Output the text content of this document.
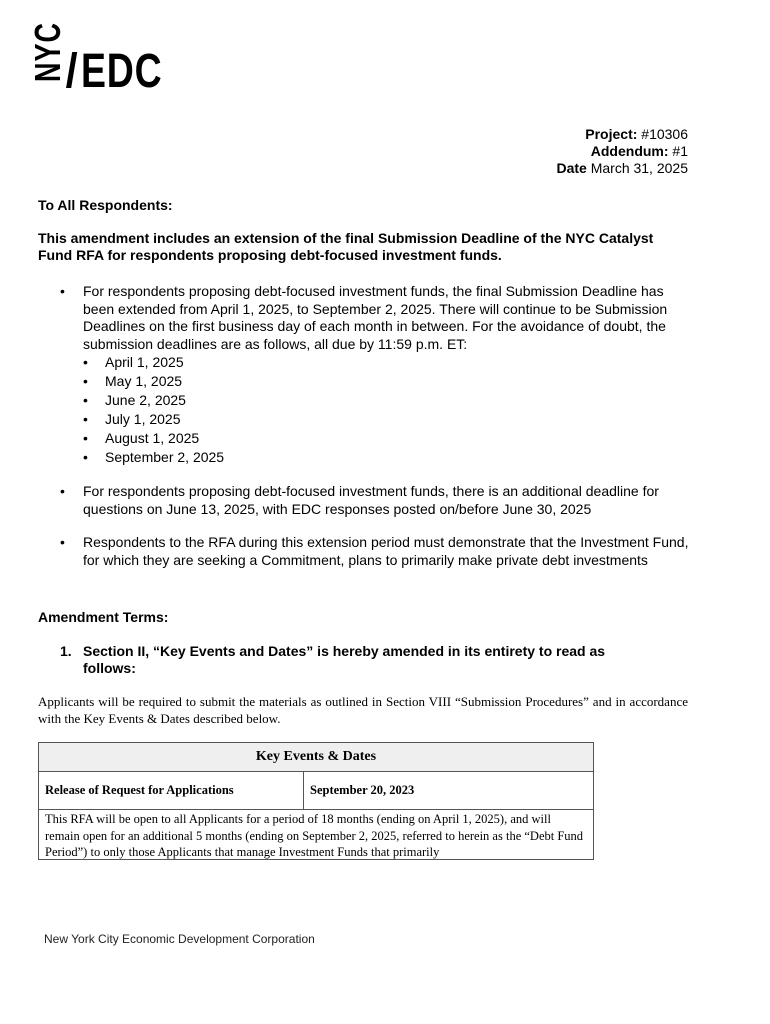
NYC
/ EDC
Project: #10306
Addendum: #1
Date March 31, 2025
To All Respondents:
This amendment includes an extension of the final Submission Deadline of the NYC Catalyst Fund RFA for respondents proposing debt-focused investment funds.
• For respondents proposing debt-focused investment funds, the final Submission Deadline has been extended from April 1, 2025, to September 2, 2025. There will continue to be Submission Deadlines on the first business day of each month in between. For the avoidance of doubt, the submission deadlines are as follows, all due by 11:59 p.m. ET:
• April 1, 2025
• May 1, 2025
• June 2, 2025
• July 1, 2025
• August 1, 2025
• September 2, 2025
• For respondents proposing debt-focused investment funds, there is an additional deadline for questions on June 13, 2025, with EDC responses posted on/before June 30, 2025
• Respondents to the RFA during this extension period must demonstrate that the Investment Fund, for which they are seeking a Commitment, plans to primarily make private debt investments
Amendment Terms:
1. Section II, “Key Events and Dates” is hereby amended in its entirety to read as follows:
Applicants will be required to submit the materials as outlined in Section VIII “Submission Procedures” and in accordance with the Key Events & Dates described below.
Key Events & Dates
Release of Request for Applications	September 20, 2023
This RFA will be open to all Applicants for a period of 18 months (ending on April 1, 2025), and will remain open for an additional 5 months (ending on September 2, 2025, referred to herein as the “Debt Fund Period”) to only those Applicants that manage Investment Funds that primarily
New York City Economic Development Corporation
